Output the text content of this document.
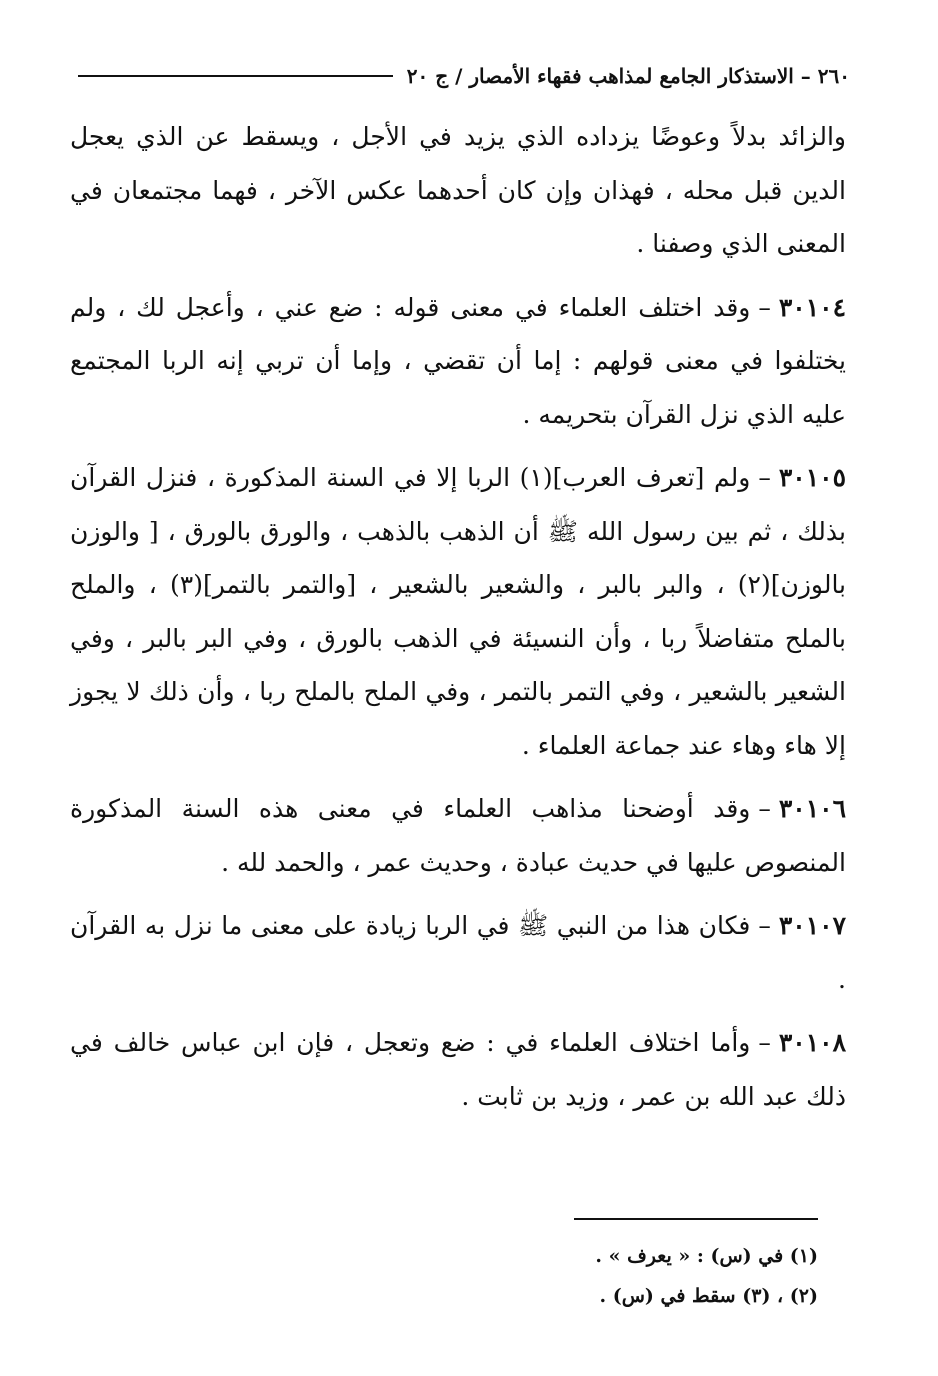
٢٦٠ – الاستذكار الجامع لمذاهب فقهاء الأمصار / ج ٢٠

والزائد بدلاً وعوضًا يزداده الذي يزيد في الأجل ، ويسقط عن الذي يعجل الدين قبل محله ، فهذان وإن كان أحدهما عكس الآخر ، فهما مجتمعان في المعنى الذي وصفنا .

٣٠١٠٤–وقد اختلف العلماء في معنى قوله : ضع عني ، وأعجل لك ، ولم يختلفوا في معنى قولهم : إما أن تقضي ، وإما أن تربي إنه الربا المجتمع عليه الذي نزل القرآن بتحريمه .

٣٠١٠٥–ولم [تعرف العرب](١) الربا إلا في السنة المذكورة ، فنزل القرآن بذلك ، ثم بين رسول الله ﷺ أن الذهب بالذهب ، والورق بالورق ، [ والوزن بالوزن](٢) ، والبر بالبر ، والشعير بالشعير ، [والتمر بالتمر](٣) ، والملح بالملح متفاضلاً ربا ، وأن النسيئة في الذهب بالورق ، وفي البر بالبر ، وفي الشعير بالشعير ، وفي التمر بالتمر ، وفي الملح بالملح ربا ، وأن ذلك لا يجوز إلا هاء وهاء عند جماعة العلماء .

٣٠١٠٦–وقد أوضحنا مذاهب العلماء في معنى هذه السنة المذكورة المنصوص عليها في حديث عبادة ، وحديث عمر ، والحمد لله .

٣٠١٠٧–فكان هذا من النبي ﷺ في الربا زيادة على معنى ما نزل به القرآن .

٣٠١٠٨–وأما اختلاف العلماء في : ضع وتعجل ، فإن ابن عباس خالف في ذلك عبد الله بن عمر ، وزيد بن ثابت .

(١) في (س) : « يعرف » .
(٢) ، (٣) سقط في (س) .
